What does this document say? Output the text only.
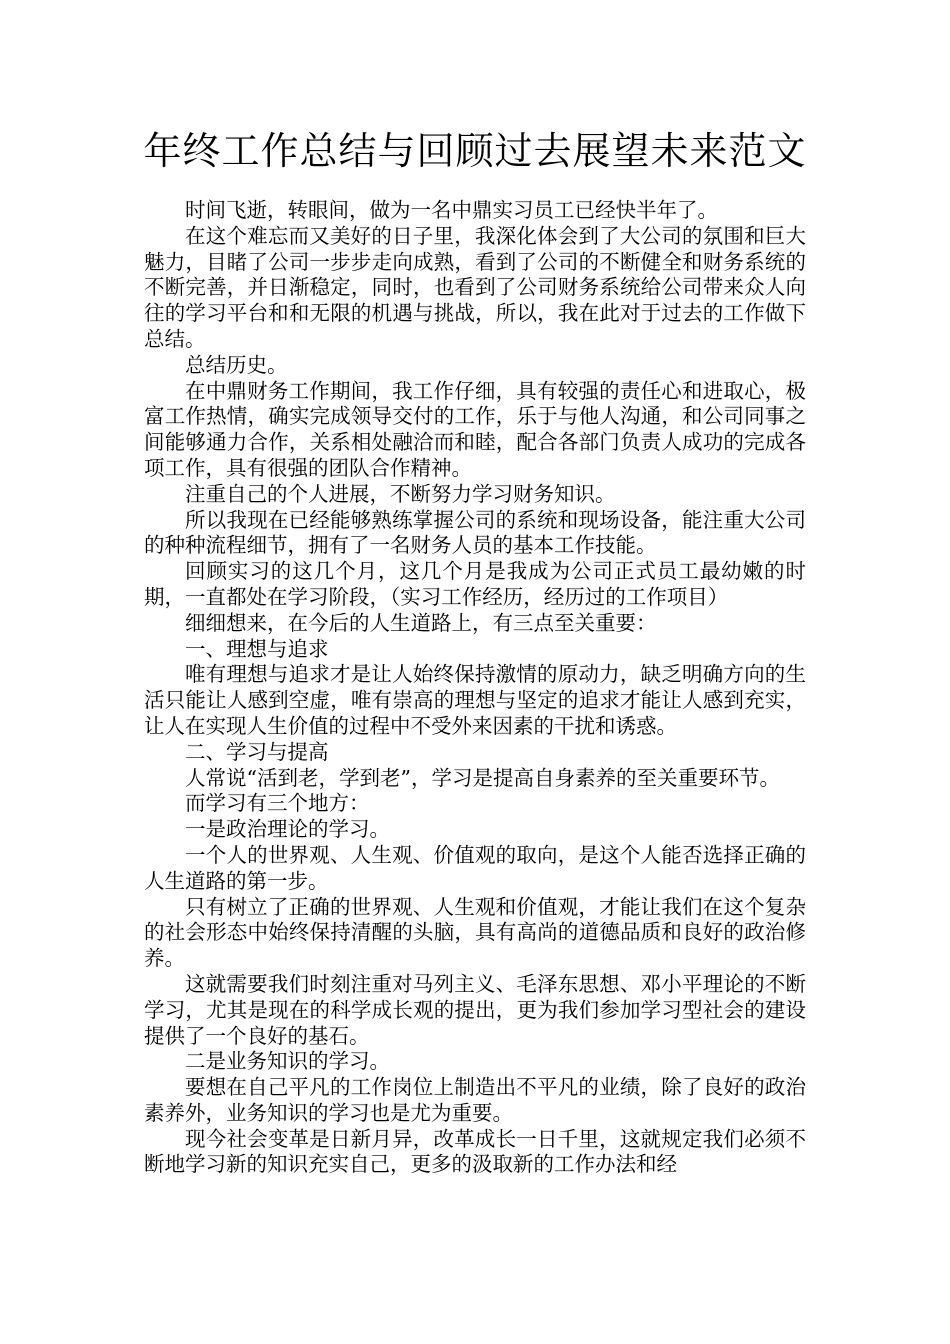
年终工作总结与回顾过去展望未来范文

时间飞逝，转眼间，做为一名中鼎实习员工已经快半年了。

在这个难忘而又美好的日子里，我深化体会到了大公司的氛围和巨大魅力，目睹了公司一步步走向成熟，看到了公司的不断健全和财务系统的不断完善，并日渐稳定，同时，也看到了公司财务系统给公司带来众人向往的学习平台和和无限的机遇与挑战，所以，我在此对于过去的工作做下总结。

总结历史。

在中鼎财务工作期间，我工作仔细，具有较强的责任心和进取心，极富工作热情，确实完成领导交付的工作，乐于与他人沟通，和公司同事之间能够通力合作，关系相处融洽而和睦，配合各部门负责人成功的完成各项工作，具有很强的团队合作精神。

注重自己的个人进展，不断努力学习财务知识。

所以我现在已经能够熟练掌握公司的系统和现场设备，能注重大公司的种种流程细节，拥有了一名财务人员的基本工作技能。

回顾实习的这几个月，这几个月是我成为公司正式员工最幼嫩的时期，一直都处在学习阶段，（实习工作经历，经历过的工作项目）

细细想来，在今后的人生道路上，有三点至关重要：

一、理想与追求

唯有理想与追求才是让人始终保持激情的原动力，缺乏明确方向的生活只能让人感到空虚，唯有崇高的理想与坚定的追求才能让人感到充实，让人在实现人生价值的过程中不受外来因素的干扰和诱惑。

二、学习与提高

人常说“活到老，学到老”，学习是提高自身素养的至关重要环节。

而学习有三个地方：

一是政治理论的学习。

一个人的世界观、人生观、价值观的取向，是这个人能否选择正确的人生道路的第一步。

只有树立了正确的世界观、人生观和价值观，才能让我们在这个复杂的社会形态中始终保持清醒的头脑，具有高尚的道德品质和良好的政治修养。

这就需要我们时刻注重对马列主义、毛泽东思想、邓小平理论的不断学习，尤其是现在的科学成长观的提出，更为我们参加学习型社会的建设提供了一个良好的基石。

二是业务知识的学习。

要想在自己平凡的工作岗位上制造出不平凡的业绩，除了良好的政治素养外，业务知识的学习也是尤为重要。

现今社会变革是日新月异，改革成长一日千里，这就规定我们必须不断地学习新的知识充实自己，更多的汲取新的工作办法和经
